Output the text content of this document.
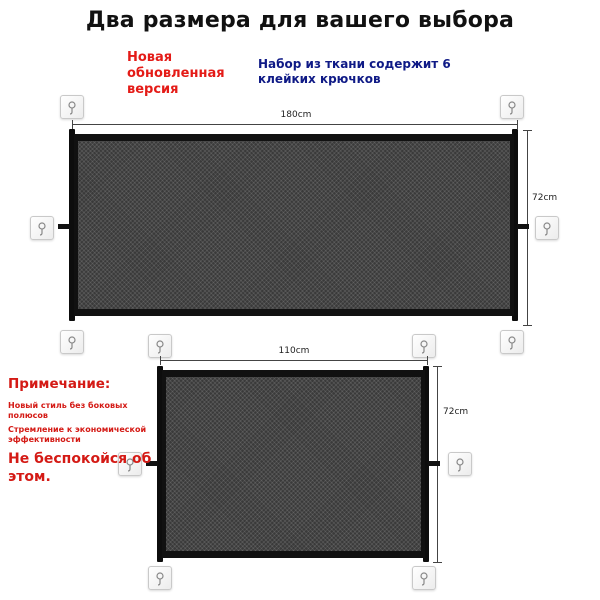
Два размера для вашего выбора
Новая обновленная версия
Набор из ткани содержит 6 клейких крючков
180cm
72cm
110cm
72cm
Примечание:
Новый стиль без боковых полюсов
Стремление к экономической эффективности
Не беспокойся об этом.
